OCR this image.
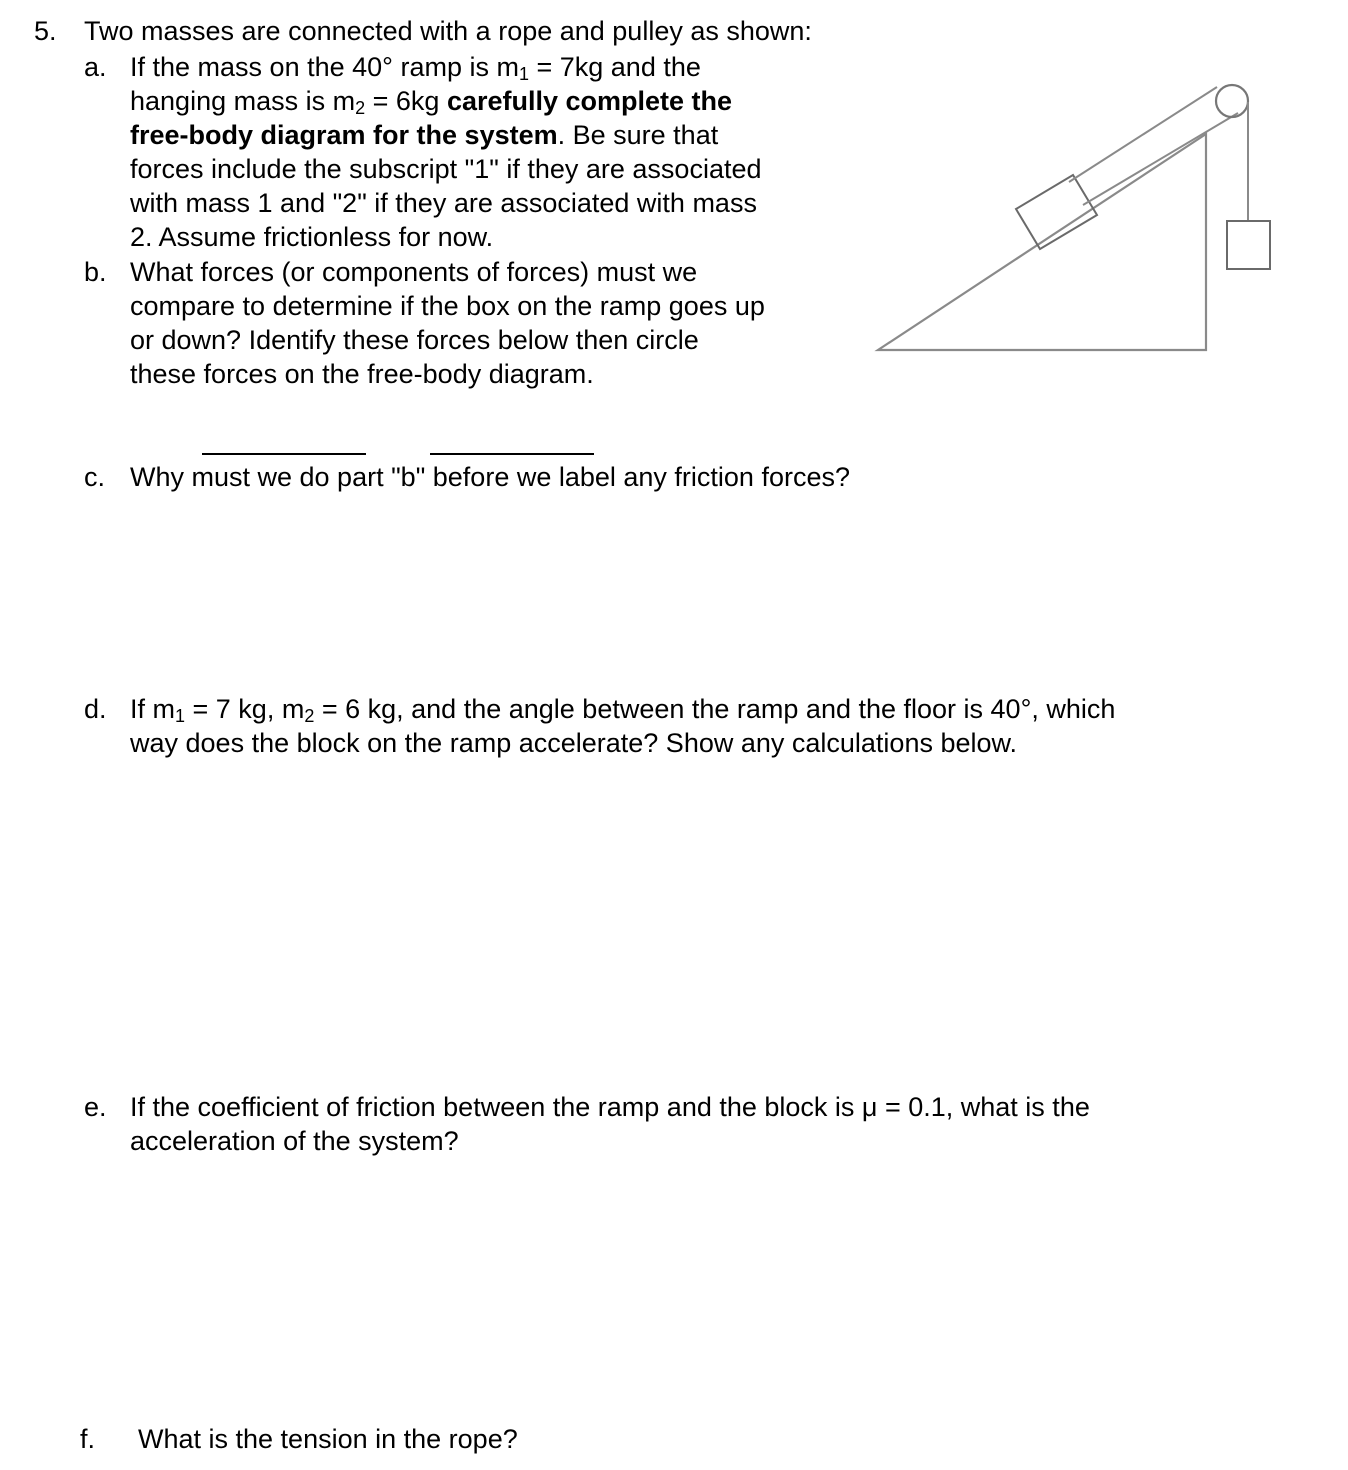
5. Two masses are connected with a rope and pulley as shown:
a. If the mass on the 40° ramp is $m_1 = 7kg$ and the
hanging mass is $m_2 = 6kg$ carefully complete the
free-body diagram for the system. Be sure that
forces include the subscript "1" if they are associated
with mass 1 and "2" if they are associated with mass
2. Assume frictionless for now.
b. What forces (or components of forces) must we
compare to determine if the box on the ramp goes up
or down? Identify these forces below then circle
these forces on the free-body diagram.
c. Why must we do part "b" before we label any friction forces?
d. If $m_1 = 7$ kg, $m_2 = 6$ kg, and the angle between the ramp and the floor is 40°, which
way does the block on the ramp accelerate? Show any calculations below.
e. If the coefficient of friction between the ramp and the block is μ = 0.1, what is the
acceleration of the system?
f. What is the tension in the rope?
